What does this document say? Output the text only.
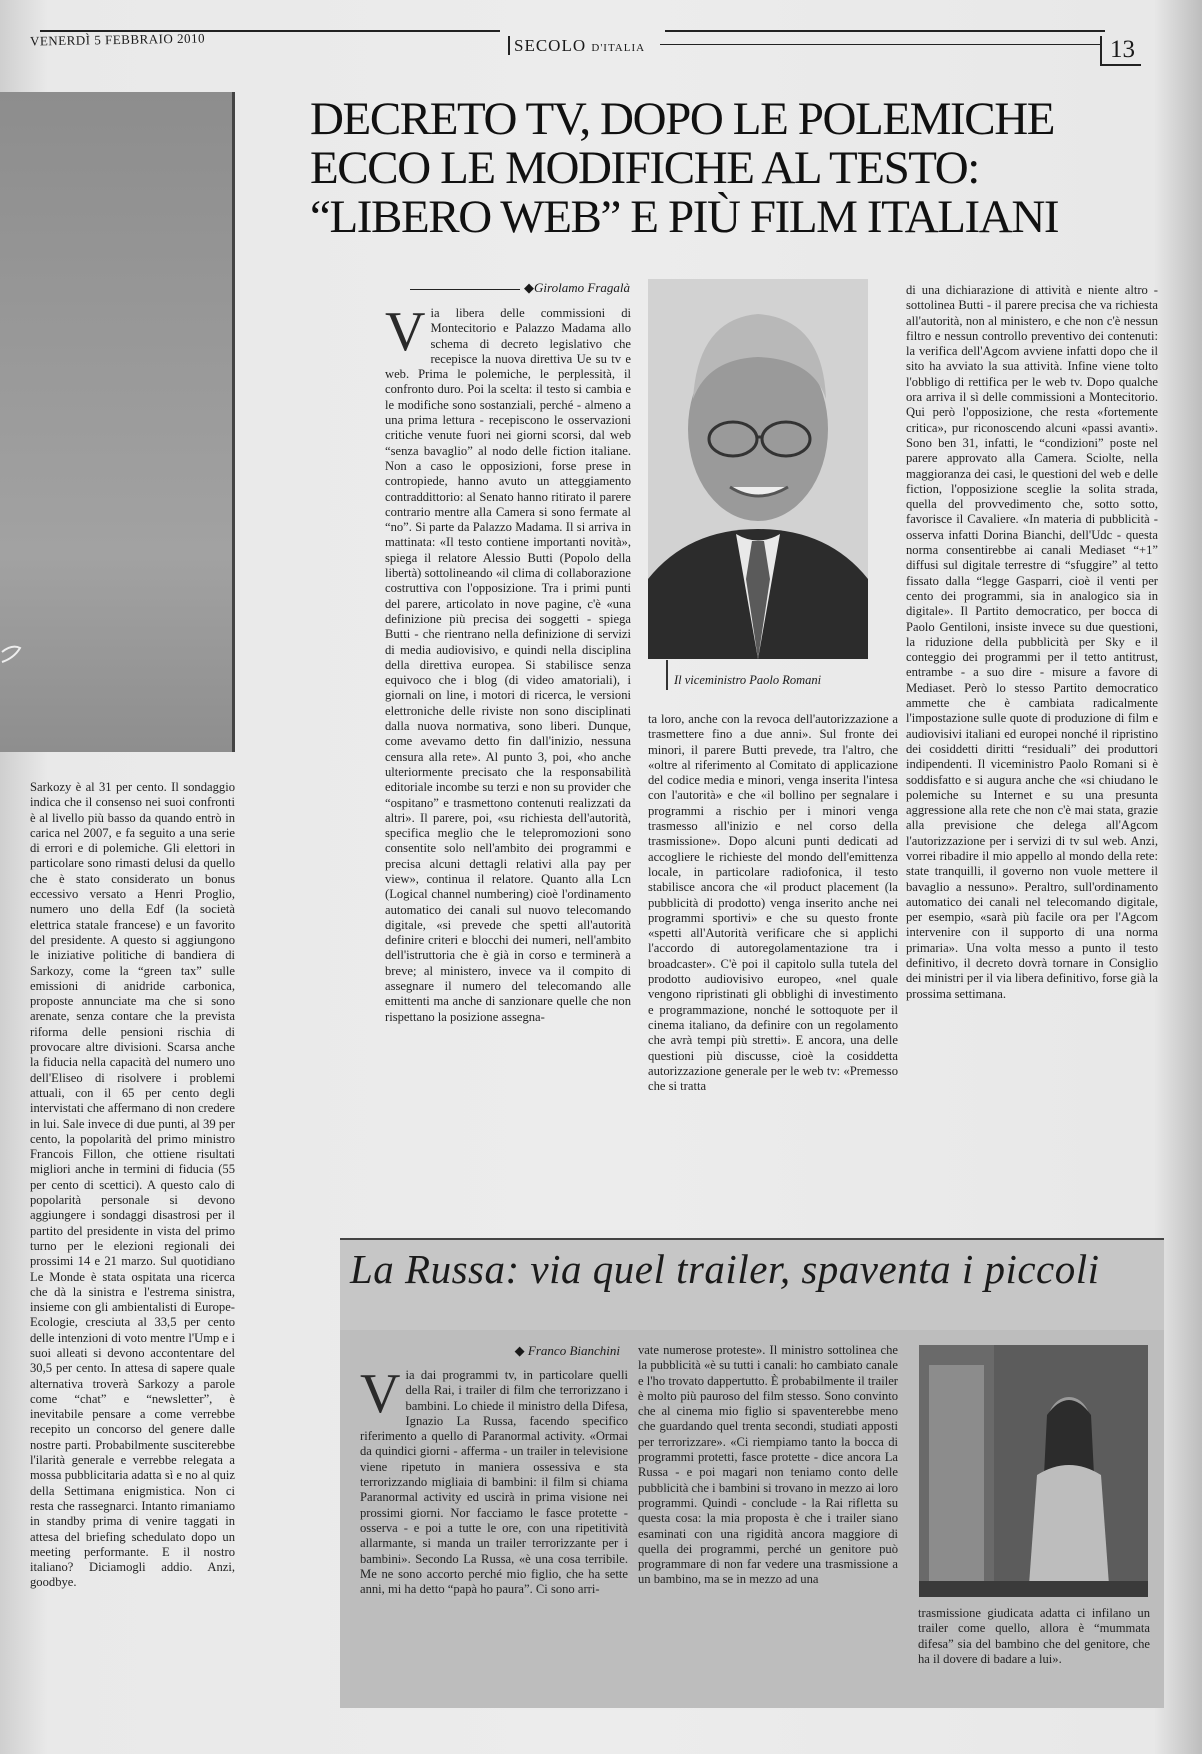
VENERDÌ 5 FEBBRAIO 2010	SECOLO D'ITALIA	13

Sarkozy è al 31 per cento. Il sondaggio indica che il consenso nei suoi confronti è al livello più basso da quando entrò in carica nel 2007, e fa seguito a una serie di errori e di polemiche. Gli elettori in particolare sono rimasti delusi da quello che è stato considerato un bonus eccessivo versato a Henri Proglio, numero uno della Edf (la società elettrica statale francese) e un favorito del presidente. A questo si aggiungono le iniziative politiche di bandiera di Sarkozy, come la “green tax” sulle emissioni di anidride carbonica, proposte annunciate ma che si sono arenate, senza contare che la prevista riforma delle pensioni rischia di provocare altre divisioni. Scarsa anche la fiducia nella capacità del numero uno dell'Eliseo di risolvere i problemi attuali, con il 65 per cento degli intervistati che affermano di non credere in lui. Sale invece di due punti, al 39 per cento, la popolarità del primo ministro Francois Fillon, che ottiene risultati migliori anche in termini di fiducia (55 per cento di scettici). A questo calo di popolarità personale si devono aggiungere i sondaggi disastrosi per il partito del presidente in vista del primo turno per le elezioni regionali dei prossimi 14 e 21 marzo. Sul quotidiano Le Monde è stata ospitata una ricerca che dà la sinistra e l'estrema sinistra, insieme con gli ambientalisti di Europe-Ecologie, cresciuta al 33,5 per cento delle intenzioni di voto mentre l'Ump e i suoi alleati si devono accontentare del 30,5 per cento. In attesa di sapere quale alternativa troverà Sarkozy a parole come “chat” e “newsletter”, è inevitabile pensare a come verrebbe recepito un concorso del genere dalle nostre parti. Probabilmente susciterebbe l'ilarità generale e verrebbe relegata a mossa pubblicitaria adatta sì e no al quiz della Settimana enigmistica. Non ci resta che rassegnarci. Intanto rimaniamo in standby prima di venire taggati in attesa del briefing schedulato dopo un meeting performante. E il nostro italiano? Diciamogli addio. Anzi, goodbye.

DECRETO TV, DOPO LE POLEMICHE
ECCO LE MODIFICHE AL TESTO:
“LIBERO WEB” E PIÙ FILM ITALIANI
◆Girolamo Fragalà
V ia libera delle commissioni di Montecitorio e Palazzo Madama allo schema di decreto legislativo che recepisce la nuova direttiva Ue su tv e web. Prima le polemiche, le perplessità, il confronto duro. Poi la scelta: il testo si cambia e le modifiche sono sostanziali, perché - almeno a una prima lettura - recepiscono le osservazioni critiche venute fuori nei giorni scorsi, dal web “senza bavaglio” al nodo delle fiction italiane. Non a caso le opposizioni, forse prese in contropiede, hanno avuto un atteggiamento contraddittorio: al Senato hanno ritirato il parere contrario mentre alla Camera si sono fermate al “no”. Si parte da Palazzo Madama. Il si arriva in mattinata: «Il testo contiene importanti novità», spiega il relatore Alessio Butti (Popolo della libertà) sottolineando «il clima di collaborazione costruttiva con l'opposizione. Tra i primi punti del parere, articolato in nove pagine, c'è «una definizione più precisa dei soggetti - spiega Butti - che rientrano nella definizione di servizi di media audiovisivo, e quindi nella disciplina della direttiva europea. Si stabilisce senza equivoco che i blog (di video amatoriali), i giornali on line, i motori di ricerca, le versioni elettroniche delle riviste non sono disciplinati dalla nuova normativa, sono liberi. Dunque, come avevamo detto fin dall'inizio, nessuna censura alla rete». Al punto 3, poi, «ho anche ulteriormente precisato che la responsabilità editoriale incombe su terzi e non su provider che “ospitano” e trasmettono contenuti realizzati da altri». Il parere, poi, «su richiesta dell'autorità, specifica meglio che le telepromozioni sono consentite solo nell'ambito dei programmi e precisa alcuni dettagli relativi alla pay per view», continua il relatore. Quanto alla Lcn (Logical channel numbering) cioè l'ordinamento automatico dei canali sul nuovo telecomando digitale, «si prevede che spetti all'autorità definire criteri e blocchi dei numeri, nell'ambito dell'istruttoria che è già in corso e terminerà a breve; al ministero, invece va il compito di assegnare il numero del telecomando alle emittenti ma anche di sanzionare quelle che non rispettano la posizione assegna-
Il viceministro Paolo Romani
ta loro, anche con la revoca dell'autorizzazione a trasmettere fino a due anni». Sul fronte dei minori, il parere Butti prevede, tra l'altro, che «oltre al riferimento al Comitato di applicazione del codice media e minori, venga inserita l'intesa con l'autorità» e che «il bollino per segnalare i programmi a rischio per i minori venga trasmesso all'inizio e nel corso della trasmissione». Dopo alcuni punti dedicati ad accogliere le richieste del mondo dell'emittenza locale, in particolare radiofonica, il testo stabilisce ancora che «il product placement (la pubblicità di prodotto) venga inserito anche nei programmi sportivi» e che su questo fronte «spetti all'Autorità verificare che si applichi l'accordo di autoregolamentazione tra i broadcaster». C'è poi il capitolo sulla tutela del prodotto audiovisivo europeo, «nel quale vengono ripristinati gli obblighi di investimento e programmazione, nonché le sottoquote per il cinema italiano, da definire con un regolamento che avrà tempi più stretti». E ancora, una delle questioni più discusse, cioè la cosiddetta autorizzazione generale per le web tv: «Premesso che si tratta
di una dichiarazione di attività e niente altro - sottolinea Butti - il parere precisa che va richiesta all'autorità, non al ministero, e che non c'è nessun filtro e nessun controllo preventivo dei contenuti: la verifica dell'Agcom avviene infatti dopo che il sito ha avviato la sua attività. Infine viene tolto l'obbligo di rettifica per le web tv. Dopo qualche ora arriva il sì delle commissioni a Montecitorio. Qui però l'opposizione, che resta «fortemente critica», pur riconoscendo alcuni «passi avanti». Sono ben 31, infatti, le “condizioni” poste nel parere approvato alla Camera. Sciolte, nella maggioranza dei casi, le questioni del web e delle fiction, l'opposizione sceglie la solita strada, quella del provvedimento che, sotto sotto, favorisce il Cavaliere. «In materia di pubblicità - osserva infatti Dorina Bianchi, dell'Udc - questa norma consentirebbe ai canali Mediaset “+1” diffusi sul digitale terrestre di “sfuggire” al tetto fissato dalla “legge Gasparri, cioè il venti per cento dei programmi, sia in analogico sia in digitale». Il Partito democratico, per bocca di Paolo Gentiloni, insiste invece su due questioni, la riduzione della pubblicità per Sky e il conteggio dei programmi per il tetto antitrust, entrambe - a suo dire - misure a favore di Mediaset. Però lo stesso Partito democratico ammette che è cambiata radicalmente l'impostazione sulle quote di produzione di film e audiovisivi italiani ed europei nonché il ripristino dei cosiddetti diritti “residuali” dei produttori indipendenti. Il viceministro Paolo Romani si è soddisfatto e si augura anche che «si chiudano le polemiche su Internet e su una presunta aggressione alla rete che non c'è mai stata, grazie alla previsione che delega all'Agcom l'autorizzazione per i servizi di tv sul web. Anzi, vorrei ribadire il mio appello al mondo della rete: state tranquilli, il governo non vuole mettere il bavaglio a nessuno». Peraltro, sull'ordinamento automatico dei canali nel telecomando digitale, per esempio, «sarà più facile ora per l'Agcom intervenire con il supporto di una norma primaria». Una volta messo a punto il testo definitivo, il decreto dovrà tornare in Consiglio dei ministri per il via libera definitivo, forse già la prossima settimana.
La Russa: via quel trailer, spaventa i piccoli
◆ Franco Bianchini
V ia dai programmi tv, in particolare quelli della Rai, i trailer di film che terrorizzano i bambini. Lo chiede il ministro della Difesa, Ignazio La Russa, facendo specifico riferimento a quello di Paranormal activity. «Ormai da quindici giorni - afferma - un trailer in televisione viene ripetuto in maniera ossessiva e sta terrorizzando migliaia di bambini: il film si chiama Paranormal activity ed uscirà in prima visione nei prossimi giorni. Nor facciamo le fasce protette - osserva - e poi a tutte le ore, con una ripetitività allarmante, si manda un trailer terrorizzante per i bambini». Secondo La Russa, «è una cosa terribile. Me ne sono accorto perché mio figlio, che ha sette anni, mi ha detto “papà ho paura”. Ci sono arri-
vate numerose proteste». Il ministro sottolinea che la pubblicità «è su tutti i canali: ho cambiato canale e l'ho trovato dappertutto. È probabilmente il trailer è molto più pauroso del film stesso. Sono convinto che al cinema mio figlio si spaventerebbe meno che guardando quel trenta secondi, studiati apposti per terrorizzare». «Ci riempiamo tanto la bocca di programmi protetti, fasce protette - dice ancora La Russa - e poi magari non teniamo conto delle pubblicità che i bambini si trovano in mezzo ai loro programmi. Quindi - conclude - la Rai rifletta su questa cosa: la mia proposta è che i trailer siano esaminati con una rigidità ancora maggiore di quella dei programmi, perché un genitore può programmare di non far vedere una trasmissione a un bambino, ma se in mezzo ad una
trasmissione giudicata adatta ci infilano un trailer come quello, allora è “mummata difesa” sia del bambino che del genitore, che ha il dovere di badare a lui».
